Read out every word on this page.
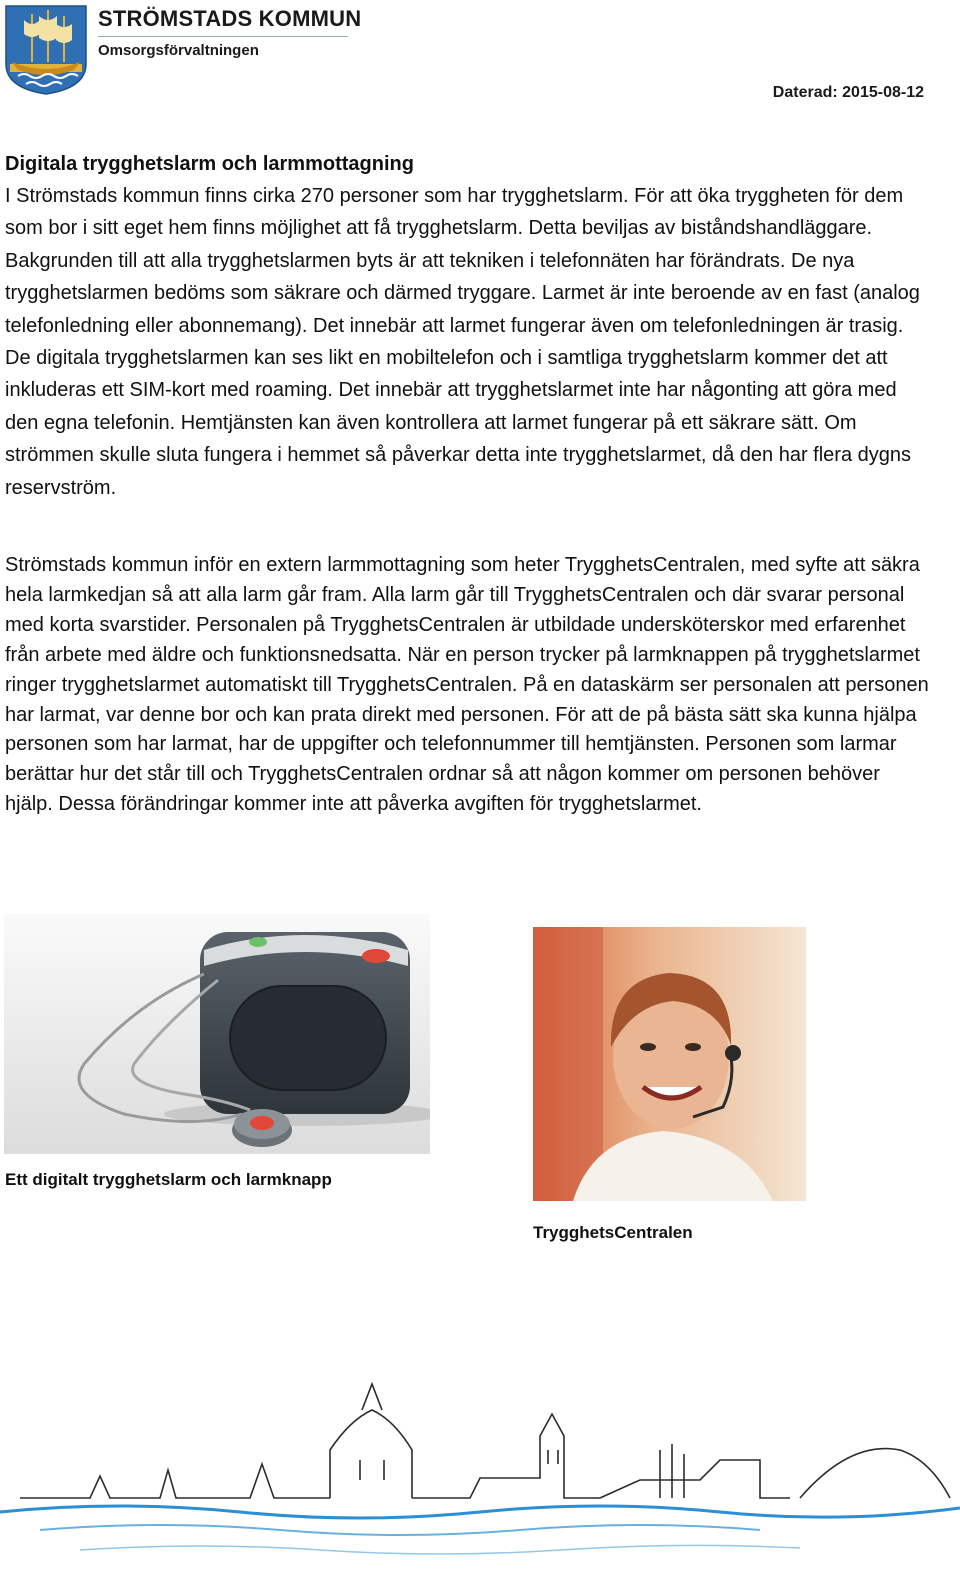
STRÖMSTADS KOMMUN
Omsorgsförvaltningen
Daterad: 2015-08-12
Digitala trygghetslarm och larmmottagning

I Strömstads kommun finns cirka 270 personer som har trygghetslarm. För att öka tryggheten för dem som bor i sitt eget hem finns möjlighet att få trygghetslarm. Detta beviljas av biståndshandläggare. Bakgrunden till att alla trygghetslarmen byts är att tekniken i telefonnäten har förändrats. De nya trygghetslarmen bedöms som säkrare och därmed tryggare. Larmet är inte beroende av en fast (analog telefonledning eller abonnemang). Det innebär att larmet fungerar även om telefonledningen är trasig. De digitala trygghetslarmen kan ses likt en mobiltelefon och i samtliga trygghetslarm kommer det att inkluderas ett SIM-kort med roaming. Det innebär att trygghetslarmet inte har någonting att göra med den egna telefonin. Hemtjänsten kan även kontrollera att larmet fungerar på ett säkrare sätt. Om strömmen skulle sluta fungera i hemmet så påverkar detta inte trygghetslarmet, då den har flera dygns reservström.

Strömstads kommun inför en extern larmmottagning som heter TrygghetsCentralen, med syfte att säkra hela larmkedjan så att alla larm går fram. Alla larm går till TrygghetsCentralen och där svarar personal med korta svarstider. Personalen på TrygghetsCentralen är utbildade undersköterskor med erfarenhet från arbete med äldre och funktionsnedsatta. När en person trycker på larmknappen på trygghetslarmet ringer trygghetslarmet automatiskt till TrygghetsCentralen. På en dataskärm ser personalen att personen har larmat, var denne bor och kan prata direkt med personen. För att de på bästa sätt ska kunna hjälpa personen som har larmat, har de uppgifter och telefonnummer till hemtjänsten. Personen som larmar berättar hur det står till och TrygghetsCentralen ordnar så att någon kommer om personen behöver hjälp. Dessa förändringar kommer inte att påverka avgiften för trygghetslarmet.

Ett digitalt trygghetslarm och larmknapp
TrygghetsCentralen
